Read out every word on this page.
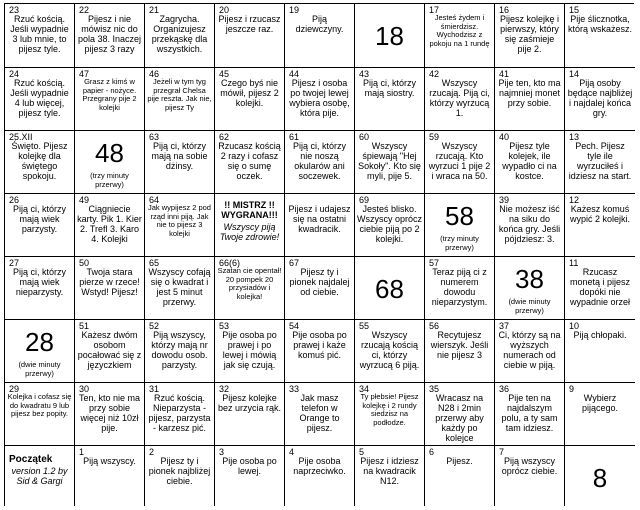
23
Rzuć kością. Jeśli wypadnie 3 lub mnie, to pijesz tyle.
22
Pijesz i nie mówisz nic do pola 38. Inaczej pijesz 3 razy
21
Zagrycha. Organizujesz przekąskę dla wszystkich.
20
Pijesz i rzucasz jeszcze raz.
19
Piją dziewczyny.	18
17
Jesteś żydem i śmierdzisz. Wychodzisz z pokoju na 1 rundę
16
Pijesz kolejkę i pierwszy, który się zaśmieje pije 2.
15
Pije ślicznotka, którą wskażesz.
24
Rzuć kością. Jeśli wypadnie 4 lub więcej, pijesz tyle.
47
Grasz z kimś w papier - nożyce. Przegrany pije 2 kolejki
46
Jeżeli w tym tyg przegrał Chelsa pije reszta. Jak nie, pijesz Ty
45
Czego byś nie mówił, pijesz 2 kolejki.
44
Pijesz i osoba po twojej lewej wybiera osobę, która pije.
43
Piją ci, którzy mają siostry.
42
Wszyscy rzucają. Piją ci, którzy wyrzucą 1.
41
Pije ten, kto ma najmniej monet przy sobie.
14
Piją osoby będące najbliżej i najdalej końca gry.
25.XII
Święto. Pijesz kolejkę dla świętego spokoju.
48
(trzy minuty przerwy)
63
Piją ci, którzy mają na sobie dżinsy.
62
Rzucasz kością 2 razy i cofasz się o sumę oczek.
61
Piją ci, którzy nie noszą okularów ani soczewek.
60
Wszyscy śpiewają "Hej Sokoły". Kto się myli, pije 5.
59
Wszyscy rzucają. Kto wyrzuci 1 pije 2 i wraca na 50.
40
Pijesz tyle kolejek, ile wypadło ci na kostce.
13
Pech. Pijesz tyle ile wyrzuciłeś i idziesz na start.
26
Piją ci, którzy mają wiek parzysty.
49
Ciągniecie karty. Pik 1. Kier 2. Trefl 3. Karo 4. Kolejki
64
Jak wypijesz 2 pod rząd inni piją. Jak nie to pijesz 3 kolejki
!! MISTRZ !! WYGRANA!!!
Wszyscy piją Twoje zdrowie!
Pijesz i udajesz się na ostatni kwadracik.
69
Jesteś blisko. Wszyscy oprócz ciebie piją po 2 kolejki.
58
(trzy minuty przerwy)
39
Nie możesz iść na siku do końca gry. Jeśli pójdziesz: 3.
12
Każesz komuś wypić 2 kolejki.
27
Piją ci, którzy mają wiek nieparzysty.
50
Twoja stara pierze w rzece! Wstyd! Pijesz!
65
Wszyscy cofają się o kwadrat i jest 5 minut przerwy.
66(6)
Szatan cie opentał! 20 pompek 20 przysiadów i kolejka!
67
Pijesz ty i pionek najdalej od ciebie.	68
57
Teraz piją ci z numerem dowodu nieparzystym.
38
(dwie minuty przerwy)
11
Rzucasz monetą i pijesz dopóki nie wypadnie orzeł
28
(dwie minuty przerwy)
51
Każesz dwóm osobom pocałować się z języczkiem
52
Piją wszyscy, którzy mają nr dowodu osob. parzysty.
53
Pije osoba po prawej i po lewej i mówią jak się czują.
54
Pije osoba po prawej i każe komuś pić.
55
Wszyscy rzucają kością ci, którzy wyrzucą 6 piją.
56
Recytujesz wierszyk. Jeśli nie pijesz 3
37
Ci, którzy są na wyższych numerach od ciebie w piją.
10
Piją chłopaki.
29
Kolejka i cofasz się do kwadratu 9 lub pijesz bez popity.
30
Ten, kto nie ma przy sobie więcej niż 10zł pije.
31
Rzuć kością. Nieparzysta - pijesz, parzysta - karzesz pić.
32
Pijesz kolejke bez urzycia rąk.
33
Jak masz telefon w Orange to pijesz.
34
Ty płebsie! Pijesz kolejkę i 2 rundy siedzisz na podłodze.
35
Wracasz na N28 i 2min przerwy aby każdy po kolejce
36
Pije ten na najdalszym polu, a ty sam tam idziesz.
9
Wybierz pijącego.
Początek
version 1.2 by Sid & Gargi
1
Piją wszyscy.
2
Pijesz ty i pionek najbliżej ciebie.
3
Pije osoba po lewej.
4
Pije osoba naprzeciwko.
5
Pijesz i idziesz na kwadracik N12.
6
Pijesz.
7
Piją wszyscy oprócz ciebie.	8
